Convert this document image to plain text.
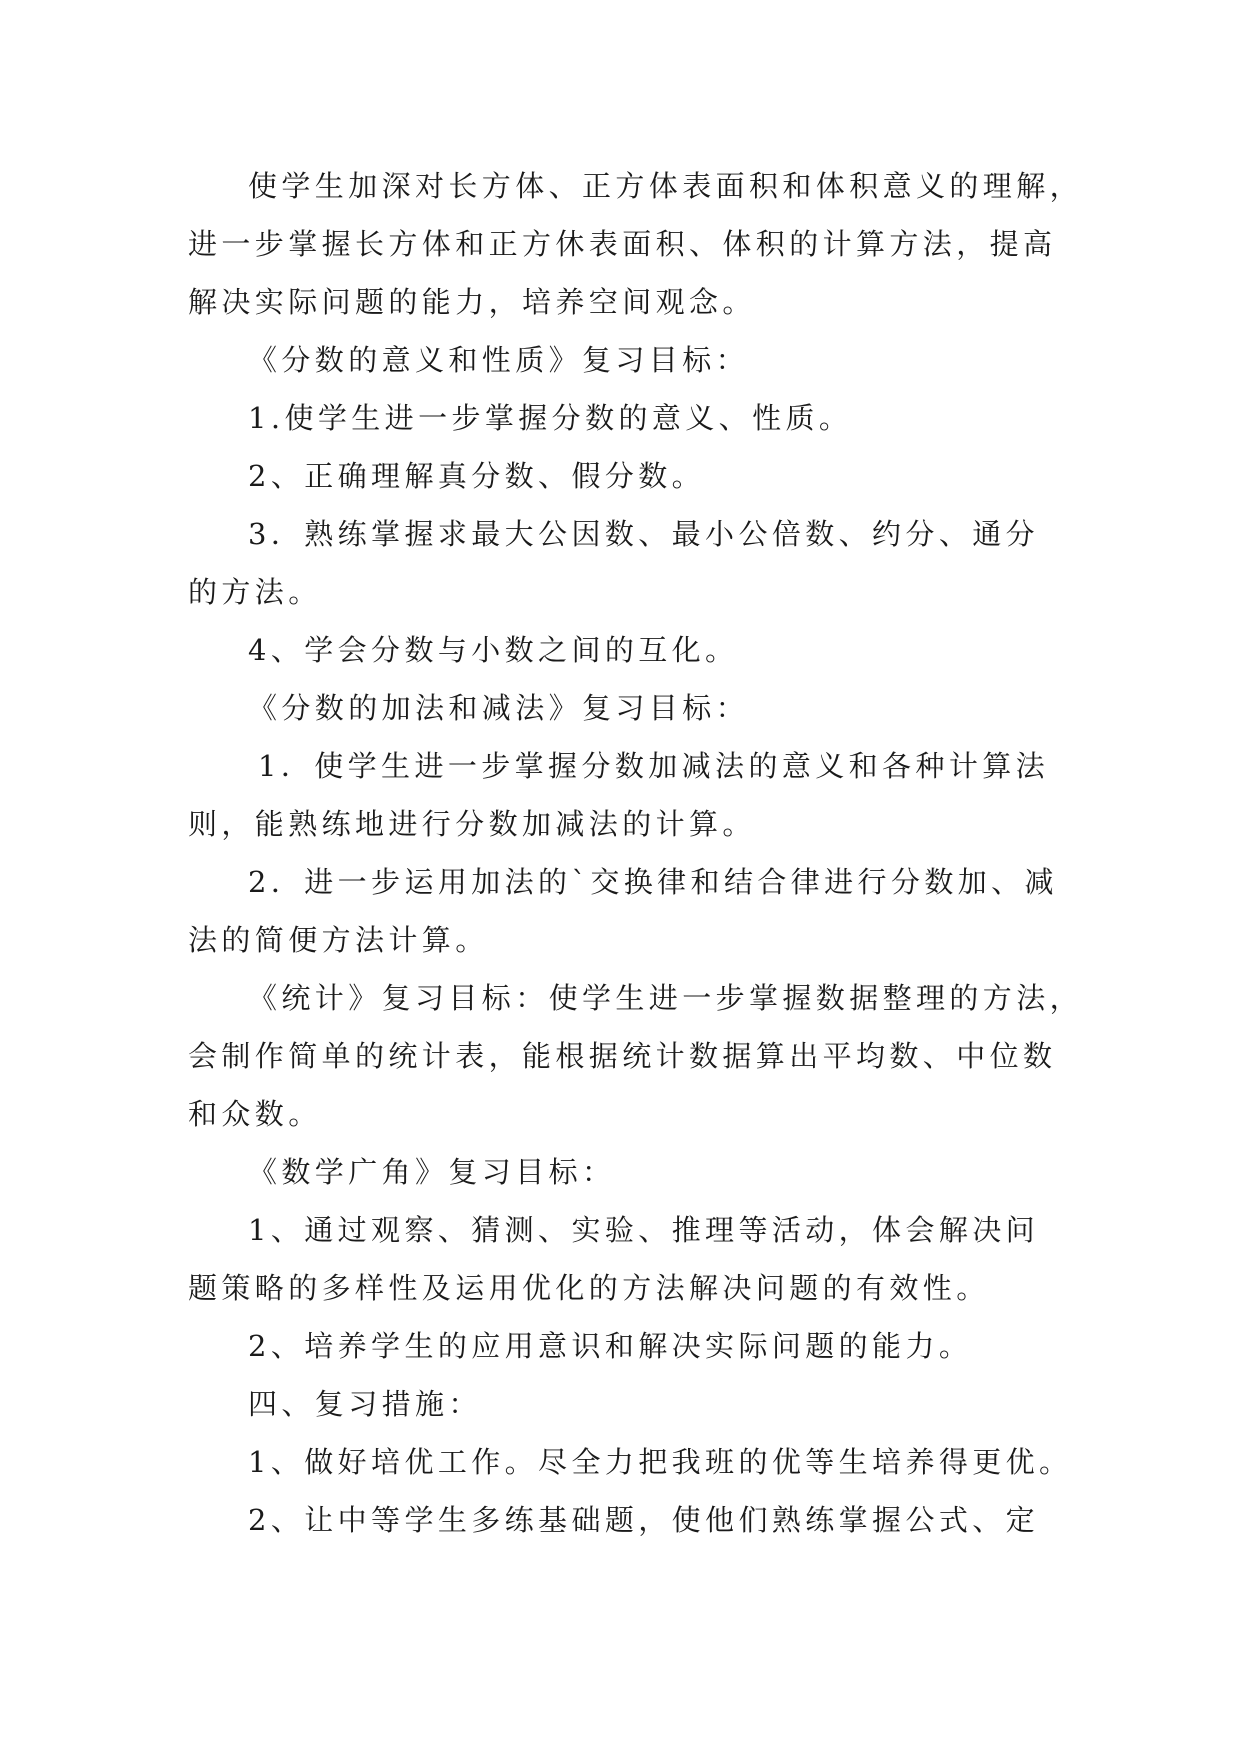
使学生加深对长方体、正方体表面积和体积意义的理解，
进一步掌握长方体和正方休表面积、体积的计算方法，提高
解决实际问题的能力，培养空间观念。
《分数的意义和性质》复习目标：
1.使学生进一步掌握分数的意义、性质。
2、正确理解真分数、假分数。
3．熟练掌握求最大公因数、最小公倍数、约分、通分
的方法。
4、学会分数与小数之间的互化。
《分数的加法和减法》复习目标：
1．使学生进一步掌握分数加减法的意义和各种计算法
则，能熟练地进行分数加减法的计算。
2．进一步运用加法的`交换律和结合律进行分数加、减
法的简便方法计算。
《统计》复习目标：使学生进一步掌握数据整理的方法，
会制作简单的统计表，能根据统计数据算出平均数、中位数
和众数。
《数学广角》复习目标：
1、通过观察、猜测、实验、推理等活动，体会解决问
题策略的多样性及运用优化的方法解决问题的有效性。
2、培养学生的应用意识和解决实际问题的能力。
四、复习措施：
1、做好培优工作。尽全力把我班的优等生培养得更优。
2、让中等学生多练基础题，使他们熟练掌握公式、定
